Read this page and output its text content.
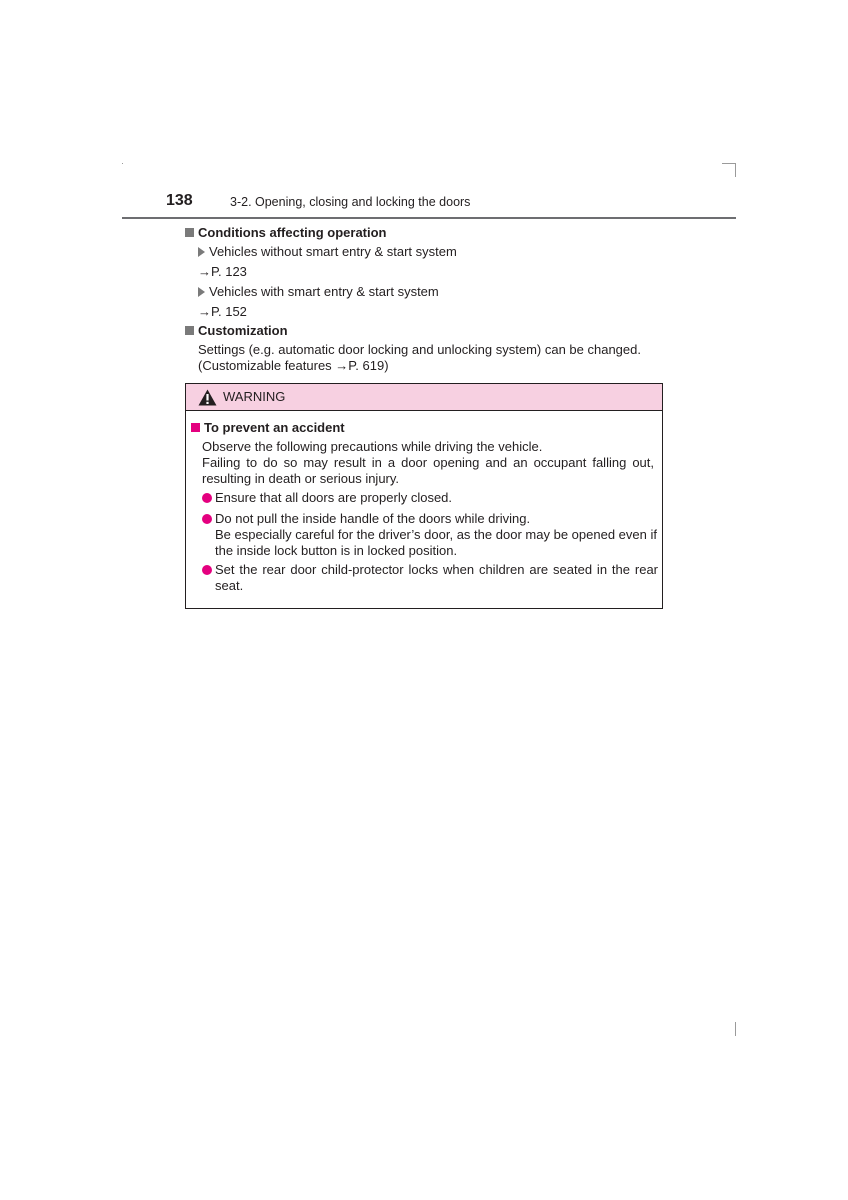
138	3-2. Opening, closing and locking the doors
Conditions affecting operation
Vehicles without smart entry & start system
→P. 123
Vehicles with smart entry & start system
→P. 152
Customization
Settings (e.g. automatic door locking and unlocking system) can be changed.
(Customizable features →P. 619)
WARNING
To prevent an accident
Observe the following precautions while driving the vehicle.
Failing to do so may result in a door opening and an occupant falling out, resulting in death or serious injury.
Ensure that all doors are properly closed.
Do not pull the inside handle of the doors while driving.
Be especially careful for the driver’s door, as the door may be opened even if the inside lock button is in locked position.
Set the rear door child-protector locks when children are seated in the rear seat.
